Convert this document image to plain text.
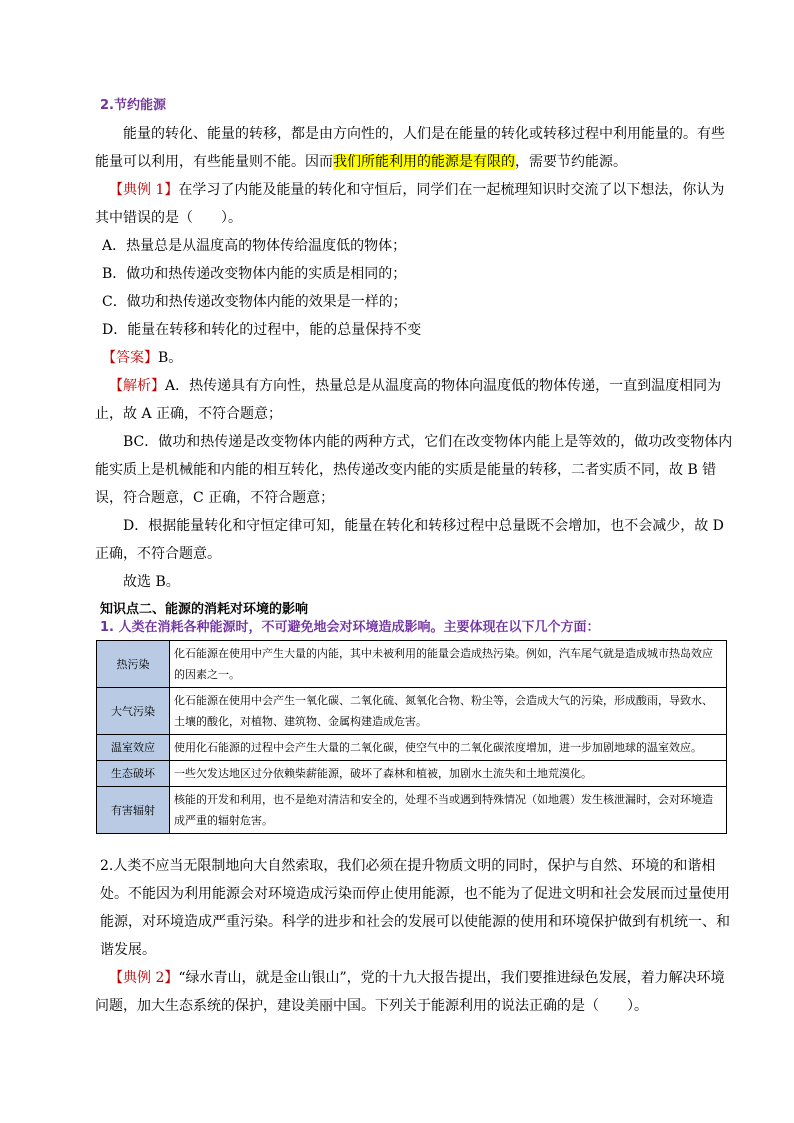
2.节约能源
能量的转化、能量的转移，都是由方向性的，人们是在能量的转化或转移过程中利用能量的。有些能量可以利用，有些能量则不能。因而我们所能利用的能源是有限的，需要节约能源。
【典例 1】在学习了内能及能量的转化和守恒后，同学们在一起梳理知识时交流了以下想法，你认为其中错误的是（　　）。
A．热量总是从温度高的物体传给温度低的物体；
B．做功和热传递改变物体内能的实质是相同的；
C．做功和热传递改变物体内能的效果是一样的；
D．能量在转移和转化的过程中，能的总量保持不变
【答案】B。
【解析】A．热传递具有方向性，热量总是从温度高的物体向温度低的物体传递，一直到温度相同为止，故 A 正确，不符合题意；
BC．做功和热传递是改变物体内能的两种方式，它们在改变物体内能上是等效的，做功改变物体内能实质上是机械能和内能的相互转化，热传递改变内能的实质是能量的转移，二者实质不同，故 B 错误，符合题意，C 正确，不符合题意；
D．根据能量转化和守恒定律可知，能量在转化和转移过程中总量既不会增加，也不会减少，故 D 正确，不符合题意。
故选 B。
知识点二、能源的消耗对环境的影响
1. 人类在消耗各种能源时，不可避免地会对环境造成影响。主要体现在以下几个方面：
热污染	化石能源在使用中产生大量的内能，其中未被利用的能量会造成热污染。例如，汽车尾气就是造成城市热岛效应的因素之一。
大气污染	化石能源在使用中会产生一氧化碳、二氧化硫、氮氧化合物、粉尘等，会造成大气的污染，形成酸雨，导致水、土壤的酸化，对植物、建筑物、金属构建造成危害。
温室效应	使用化石能源的过程中会产生大量的二氧化碳，使空气中的二氧化碳浓度增加，进一步加剧地球的温室效应。
生态破坏	一些欠发达地区过分依赖柴薪能源，破坏了森林和植被，加剧水土流失和土地荒漠化。
有害辐射	核能的开发和利用，也不是绝对清洁和安全的，处理不当或遇到特殊情况（如地震）发生核泄漏时，会对环境造成严重的辐射危害。
2.人类不应当无限制地向大自然索取，我们必须在提升物质文明的同时，保护与自然、环境的和谐相处。不能因为利用能源会对环境造成污染而停止使用能源，也不能为了促进文明和社会发展而过量使用能源，对环境造成严重污染。科学的进步和社会的发展可以使能源的使用和环境保护做到有机统一、和谐发展。
【典例 2】“绿水青山，就是金山银山”，党的十九大报告提出，我们要推进绿色发展，着力解决环境问题，加大生态系统的保护，建设美丽中国。下列关于能源利用的说法正确的是（　　）。
